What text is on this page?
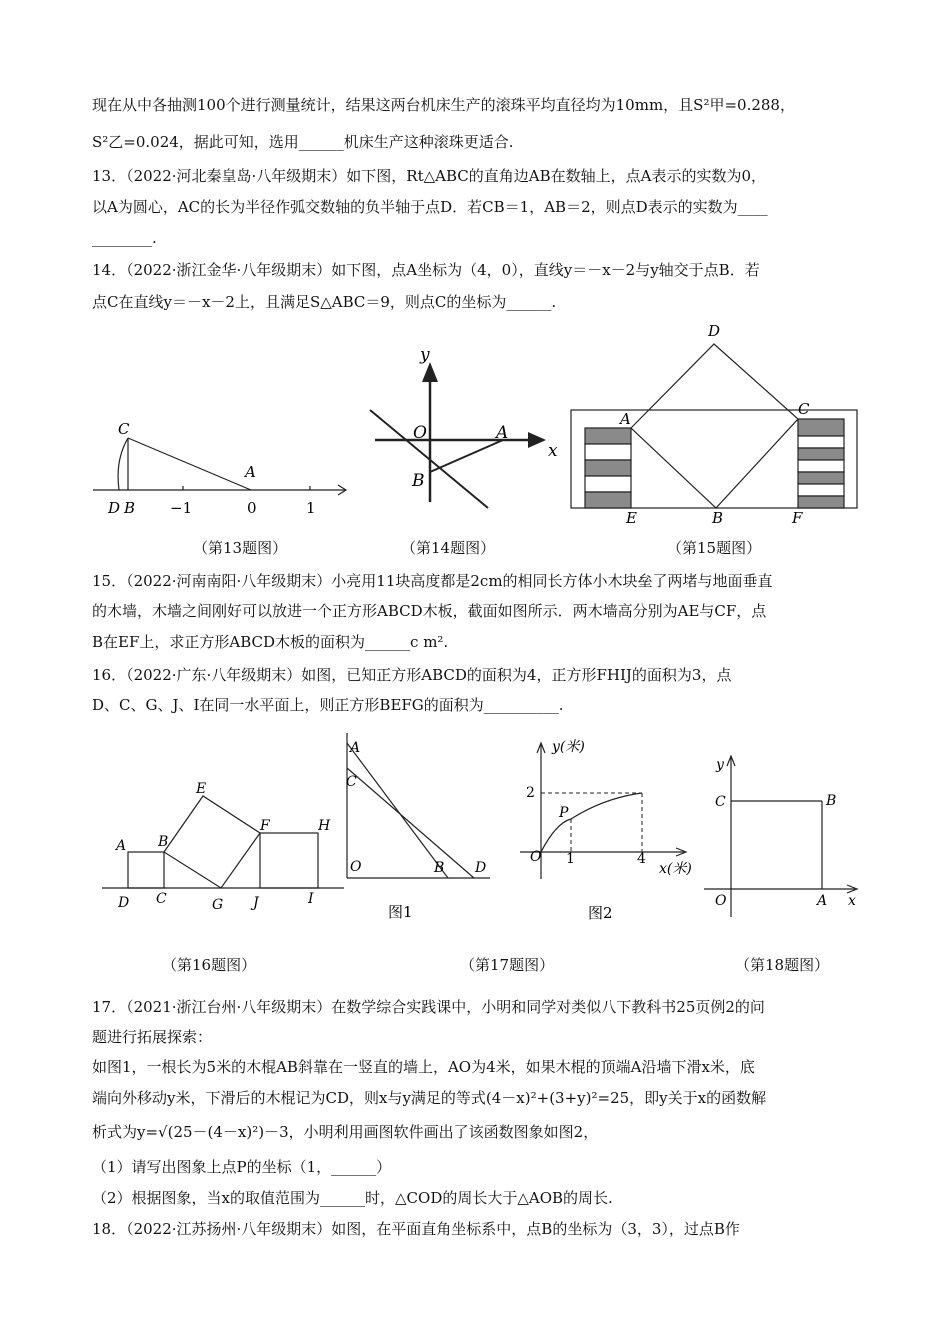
现在从中各抽测100个进行测量统计，结果这两台机床生产的滚珠平均直径均为10mm，且S²甲=0.288，
S²乙=0.024，据此可知，选用______机床生产这种滚珠更适合.
13．（2022·河北秦皇岛·八年级期末）如下图，Rt△ABC的直角边AB在数轴上，点A表示的实数为0，
以A为圆心，AC的长为半径作弧交数轴的负半轴于点D．若CB＝1，AB＝2，则点D表示的实数为____
________.
14．（2022·浙江金华·八年级期末）如下图，点A坐标为（4，0），直线y＝－x－2与y轴交于点B．若
点C在直线y＝－x－2上，且满足S△ABC＝9，则点C的坐标为______.
C
A
D B −1	0	1
y
x
O	A
B
D
A
C
E	B	F
（第13题图）	（第14题图）	（第15题图）
15．（2022·河南南阳·八年级期末）小亮用11块高度都是2cm的相同长方体小木块垒了两堵与地面垂直
的木墙，木墙之间刚好可以放进一个正方形ABCD木板，截面如图所示．两木墙高分别为AE与CF，点
B在EF上，求正方形ABCD木板的面积为______c m².
16．（2022·广东·八年级期末）如图，已知正方形ABCD的面积为4，正方形FHIJ的面积为3，点
D、C、G、J、I在同一水平面上，则正方形BEFG的面积为__________.
A B
C
D
E
F
G
H
I
J
A
C
O	B D
图1
y(米)
2
P
O 1	4
x(米)
图2
y
C	B
O	A x
（第16题图）	（第17题图）	（第18题图）
17．（2021·浙江台州·八年级期末）在数学综合实践课中，小明和同学对类似八下教科书25页例2的问
题进行拓展探索：
如图1，一根长为5米的木棍AB斜靠在一竖直的墙上，AO为4米，如果木棍的顶端A沿墙下滑x米，底
端向外移动y米，下滑后的木棍记为CD，则x与y满足的等式(4－x)²+(3+y)²=25，即y关于x的函数解
析式为y=√(25－(4－x)²)－3，小明利用画图软件画出了该函数图象如图2，
（1）请写出图象上点P的坐标（1，______）
（2）根据图象，当x的取值范围为______时，△COD的周长大于△AOB的周长.
18．（2022·江苏扬州·八年级期末）如图，在平面直角坐标系中，点B的坐标为（3，3），过点B作
